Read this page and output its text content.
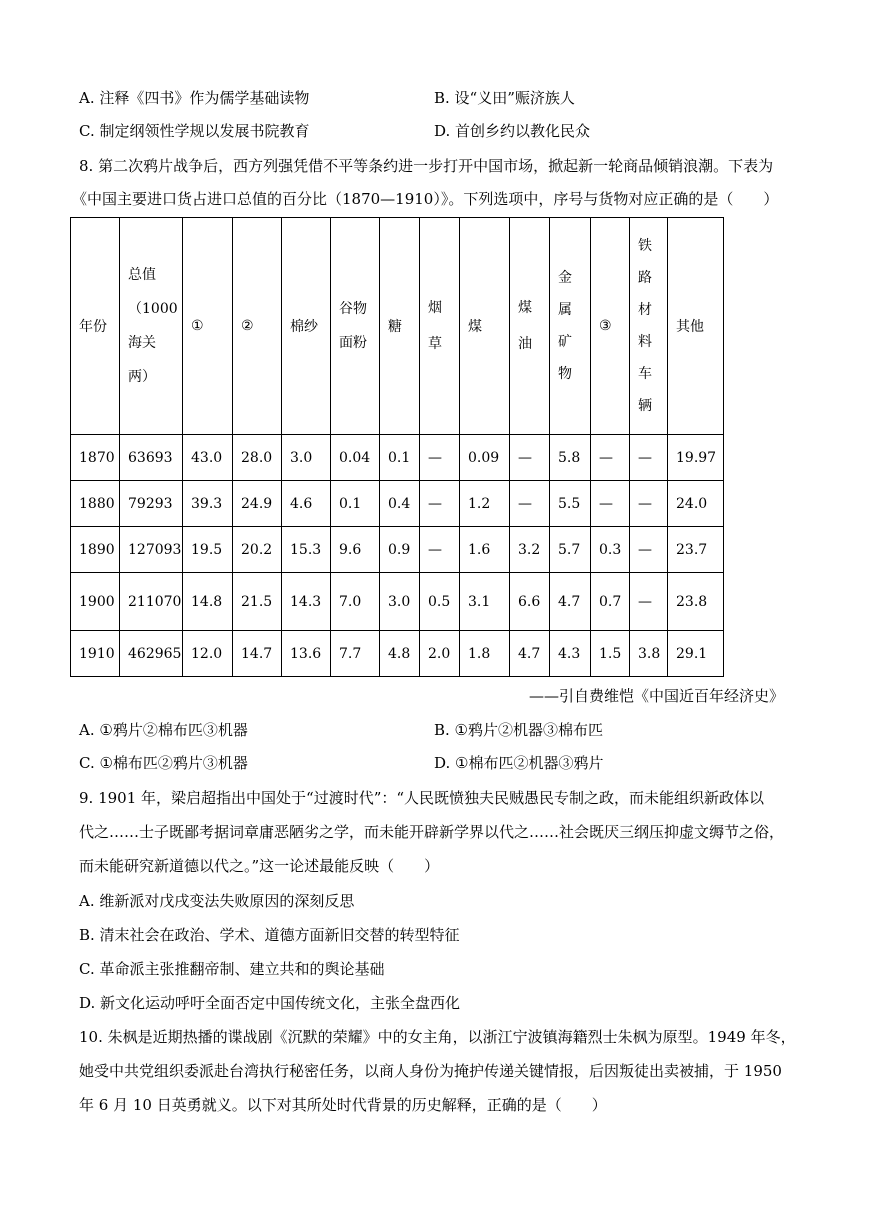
A. 注释《四书》作为儒学基础读物	B. 设“义田”赈济族人

C. 制定纲领性学规以发展书院教育	D. 首创乡约以教化民众

8. 第二次鸦片战争后，西方列强凭借不平等条约进一步打开中国市场，掀起新一轮商品倾销浪潮。下表为

《中国主要进口货占进口总值的百分比（1870—1910）》。下列选项中，序号与货物对应正确的是（　　）

年份	总值（1000海关两）	①	②	棉纱	谷物面粉	糖	烟草	煤	煤油	金属矿物	③	铁路材料车辆	其他
1870	63693	43.0	28.0	3.0	0.04	0.1	—	0.09	—	5.8	—	—	19.97
1880	79293	39.3	24.9	4.6	0.1	0.4	—	1.2	—	5.5	—	—	24.0
1890	127093	19.5	20.2	15.3	9.6	0.9	—	1.6	3.2	5.7	0.3	—	23.7
1900	211070	14.8	21.5	14.3	7.0	3.0	0.5	3.1	6.6	4.7	0.7	—	23.8
1910	462965	12.0	14.7	13.6	7.7	4.8	2.0	1.8	4.7	4.3	1.5	3.8	29.1

——引自费维恺《中国近百年经济史》

A. ①鸦片②棉布匹③机器	B. ①鸦片②机器③棉布匹

C. ①棉布匹②鸦片③机器	D. ①棉布匹②机器③鸦片

9. 1901 年，梁启超指出中国处于“过渡时代”：“人民既愤独夫民贼愚民专制之政，而未能组织新政体以

代之……士子既鄙考据词章庸恶陋劣之学，而未能开辟新学界以代之……社会既厌三纲压抑虚文缛节之俗，

而未能研究新道德以代之。”这一论述最能反映（　　）

A. 维新派对戊戌变法失败原因的深刻反思

B. 清末社会在政治、学术、道德方面新旧交替的转型特征

C. 革命派主张推翻帝制、建立共和的舆论基础

D. 新文化运动呼吁全面否定中国传统文化，主张全盘西化

10. 朱枫是近期热播的谍战剧《沉默的荣耀》中的女主角，以浙江宁波镇海籍烈士朱枫为原型。1949 年冬，

她受中共党组织委派赴台湾执行秘密任务，以商人身份为掩护传递关键情报，后因叛徒出卖被捕，于 1950

年 6 月 10 日英勇就义。以下对其所处时代背景的历史解释，正确的是（　　）
